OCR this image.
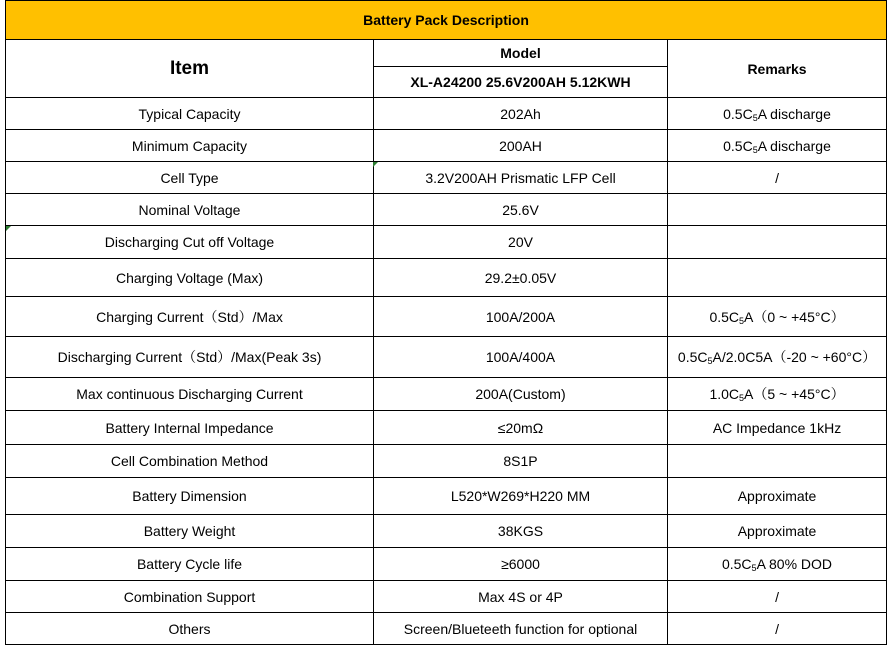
Battery Pack Description		
Item	Model	Remarks
	XL-A24200 25.6V200AH 5.12KWH	
Typical Capacity	202Ah	$0.5C_5A$ discharge
Minimum Capacity	200AH	$0.5C_5A$ discharge
Cell Type	3.2V200AH Prismatic LFP Cell	/
Nominal Voltage	25.6V	
Discharging Cut off Voltage	20V	
Charging Voltage (Max)	29.2±0.05V	
Charging Current（Std）/Max	100A/200A	$0.5C_5A(0$ ~ +45°C）
Discharging Current（Std）/Max(Peak 3s)	100A/400A	$0.5C_5A/2.0C5A(-20$ ~ +60°C）
Max continuous Discharging Current	200A(Custom)	$1.0C_5A(5$ ~ +45°C）
Battery Internal Impedance	≤20mΩ	AC Impedance 1kHz
Cell Combination Method	8S1P	
Battery Dimension	L520*W269*H220 MM	Approximate
Battery Weight	38KGS	Approximate
Battery Cycle life	≥6000	$0.5C_5A$ 80% DOD
Combination Support	Max 4S or 4P	/
Others	Screen/Blueteeth function for optional	/
